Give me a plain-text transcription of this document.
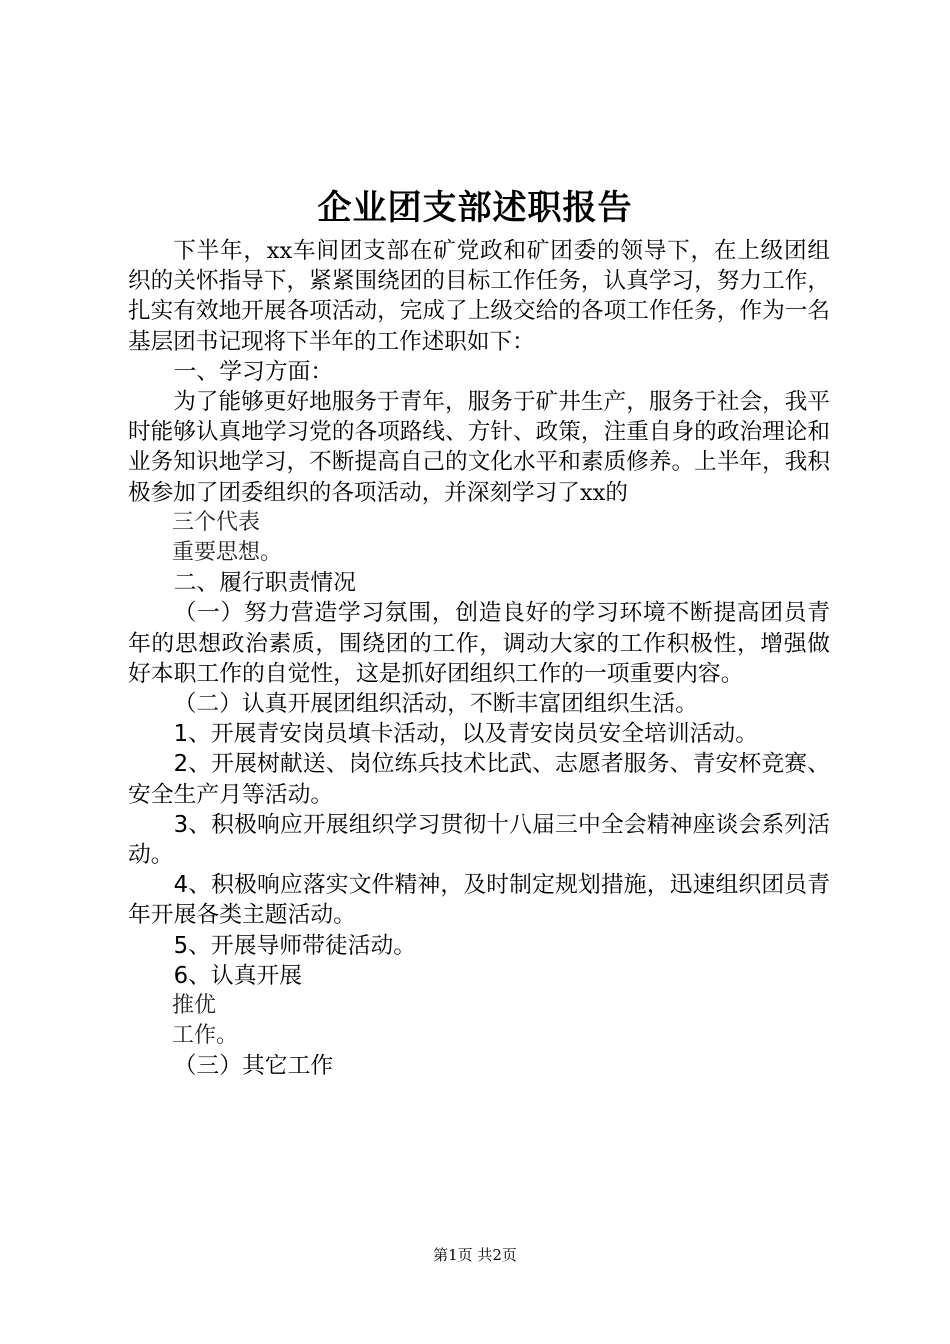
企业团支部述职报告

下半年，xx车间团支部在矿党政和矿团委的领导下，在上级团组织的关怀指导下，紧紧围绕团的目标工作任务，认真学习，努力工作，扎实有效地开展各项活动，完成了上级交给的各项工作任务，作为一名基层团书记现将下半年的工作述职如下：

一、学习方面：

为了能够更好地服务于青年，服务于矿井生产，服务于社会，我平时能够认真地学习党的各项路线、方针、政策，注重自身的政治理论和业务知识地学习，不断提高自己的文化水平和素质修养。上半年，我积极参加了团委组织的各项活动，并深刻学习了xx的

三个代表

重要思想。

二、履行职责情况

（一）努力营造学习氛围，创造良好的学习环境不断提高团员青年的思想政治素质，围绕团的工作，调动大家的工作积极性，增强做好本职工作的自觉性，这是抓好团组织工作的一项重要内容。

（二）认真开展团组织活动，不断丰富团组织生活。

1、开展青安岗员填卡活动，以及青安岗员安全培训活动。

2、开展树献送、岗位练兵技术比武、志愿者服务、青安杯竞赛、安全生产月等活动。

3、积极响应开展组织学习贯彻十八届三中全会精神座谈会系列活动。

4、积极响应落实文件精神，及时制定规划措施，迅速组织团员青年开展各类主题活动。

5、开展导师带徒活动。

6、认真开展

推优

工作。

（三）其它工作

第1页 共2页
